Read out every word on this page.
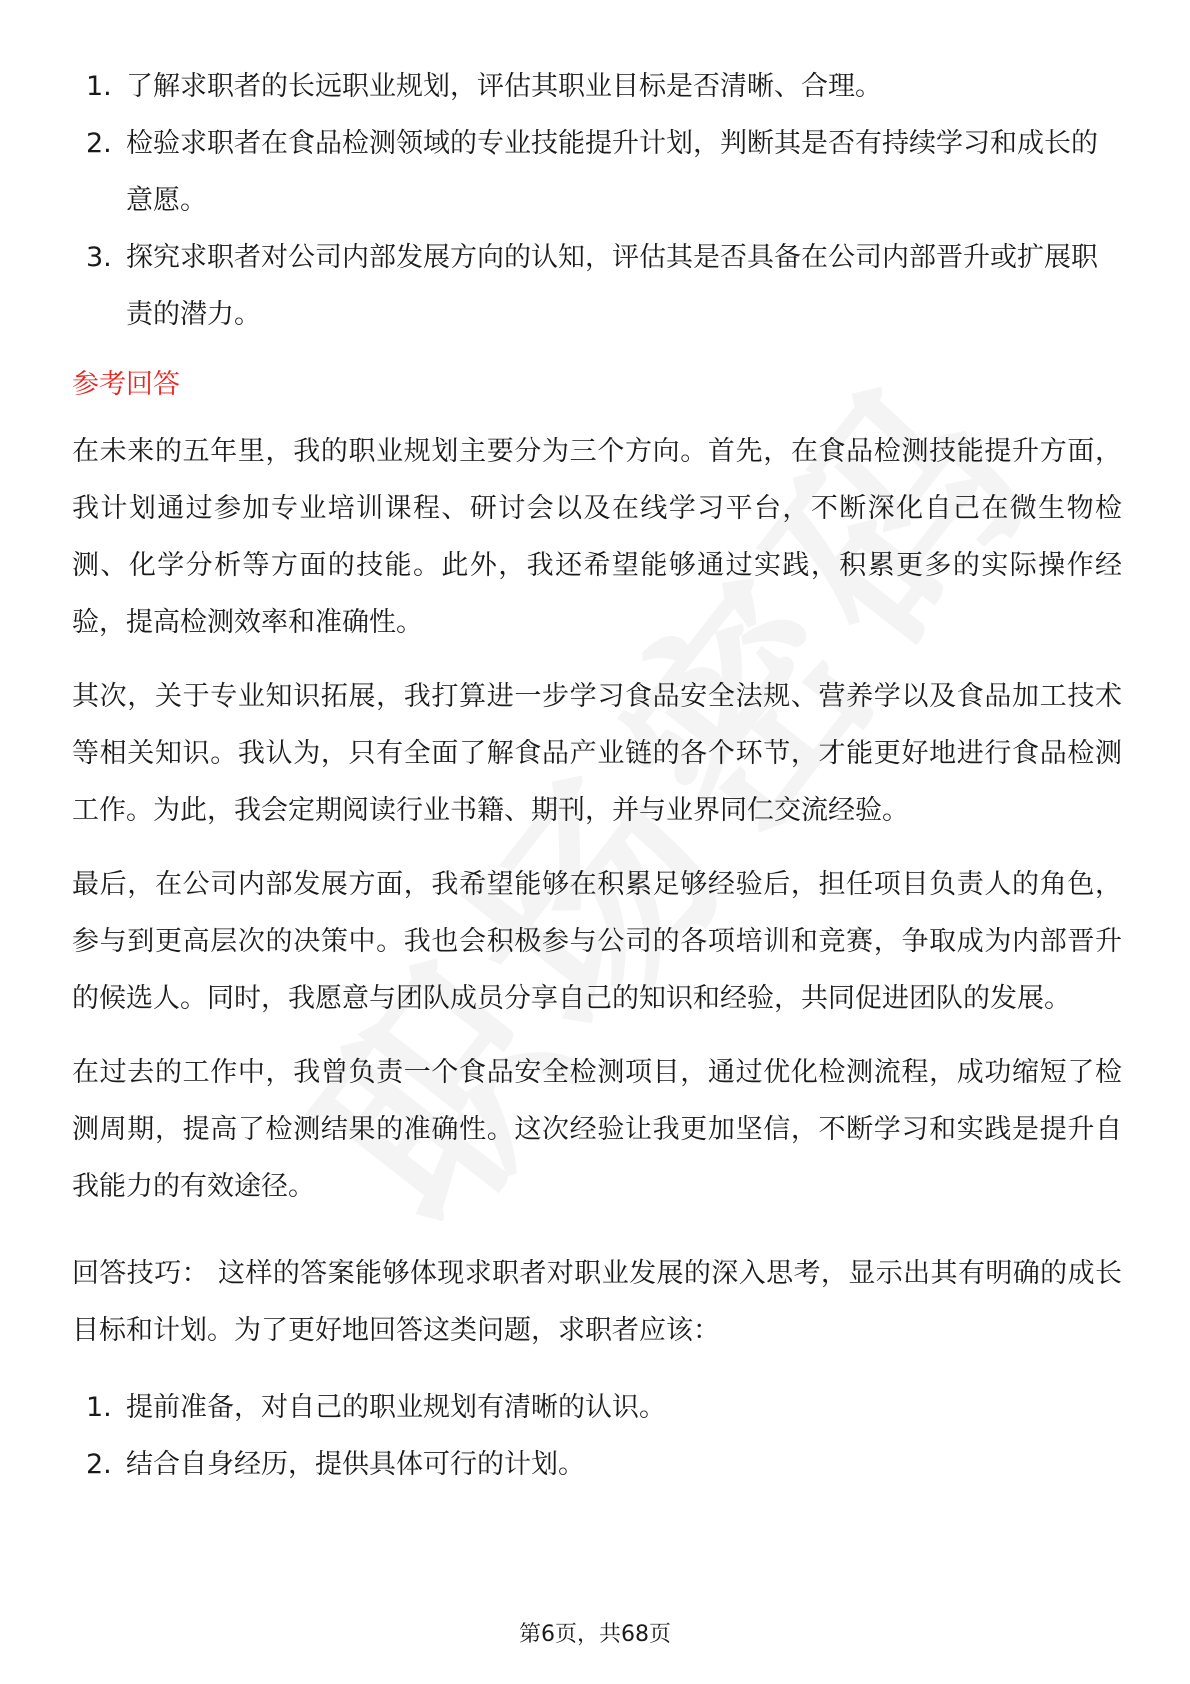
1. 了解求职者的长远职业规划，评估其职业目标是否清晰、合理。
2. 检验求职者在食品检测领域的专业技能提升计划，判断其是否有持续学习和成长的意愿。
3. 探究求职者对公司内部发展方向的认知，评估其是否具备在公司内部晋升或扩展职责的潜力。
参考回答

在未来的五年里，我的职业规划主要分为三个方向。首先，在食品检测技能提升方面，我计划通过参加专业培训课程、研讨会以及在线学习平台，不断深化自己在微生物检测、化学分析等方面的技能。此外，我还希望能够通过实践，积累更多的实际操作经验，提高检测效率和准确性。

其次，关于专业知识拓展，我打算进一步学习食品安全法规、营养学以及食品加工技术等相关知识。我认为，只有全面了解食品产业链的各个环节，才能更好地进行食品检测工作。为此，我会定期阅读行业书籍、期刊，并与业界同仁交流经验。

最后，在公司内部发展方面，我希望能够在积累足够经验后，担任项目负责人的角色，参与到更高层次的决策中。我也会积极参与公司的各项培训和竞赛，争取成为内部晋升的候选人。同时，我愿意与团队成员分享自己的知识和经验，共同促进团队的发展。

在过去的工作中，我曾负责一个食品安全检测项目，通过优化检测流程，成功缩短了检测周期，提高了检测结果的准确性。这次经验让我更加坚信，不断学习和实践是提升自我能力的有效途径。

回答技巧： 这样的答案能够体现求职者对职业发展的深入思考，显示出其有明确的成长目标和计划。为了更好地回答这类问题，求职者应该：

1. 提前准备，对自己的职业规划有清晰的认识。
2. 结合自身经历，提供具体可行的计划。
第6页，共68页
